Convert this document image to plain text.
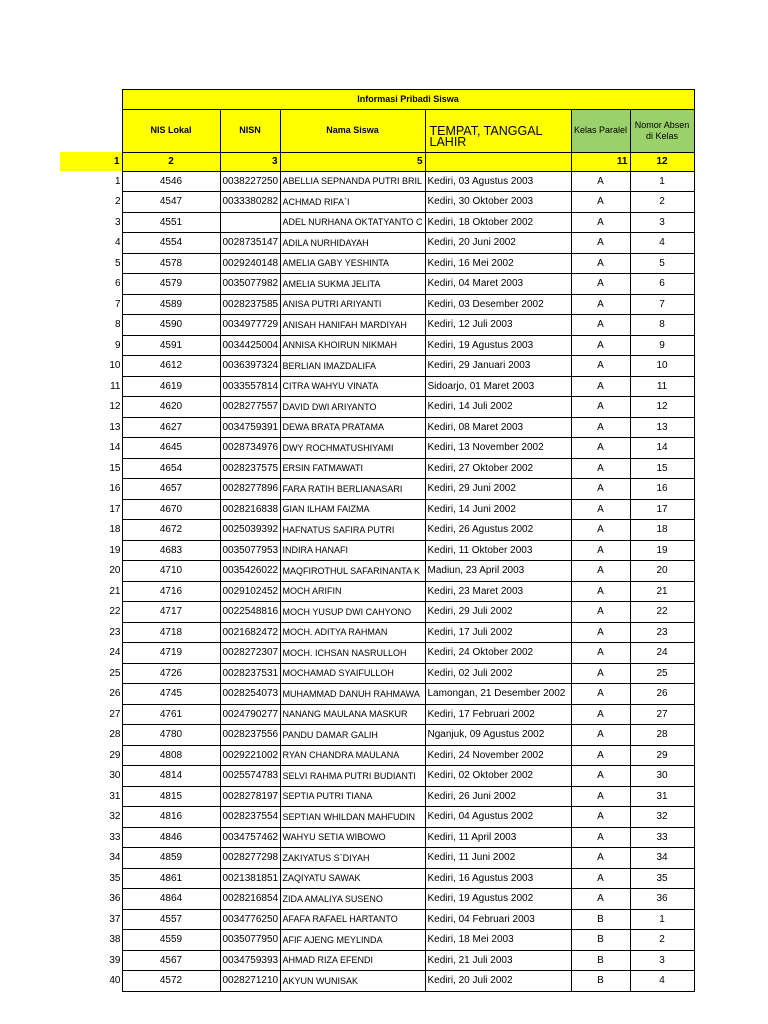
	Informasi Pribadi Siswa					
	NIS Lokal	NISN	Nama Siswa	TEMPAT, TANGGAL LAHIR	Kelas Paralel	Nomor Absen di Kelas
1	2	3	5		11	12
1	4546	0038227250	ABELLIA SEPNANDA PUTRI BRIL	Kediri, 03 Agustus 2003	A	1
2	4547	0033380282	ACHMAD RIFA`I	Kediri, 30 Oktober 2003	A	2
3	4551		ADEL NURHANA OKTATYANTO C	Kediri, 18 Oktober 2002	A	3
4	4554	0028735147	ADILA NURHIDAYAH	Kediri, 20 Juni 2002	A	4
5	4578	0029240148	AMELIA GABY YESHINTA	Kediri, 16 Mei 2002	A	5
6	4579	0035077982	AMELIA SUKMA JELITA	Kediri, 04 Maret 2003	A	6
7	4589	0028237585	ANISA PUTRI ARIYANTI	Kediri, 03 Desember 2002	A	7
8	4590	0034977729	ANISAH HANIFAH MARDIYAH	Kediri, 12 Juli 2003	A	8
9	4591	0034425004	ANNISA KHOIRUN NIKMAH	Kediri, 19 Agustus 2003	A	9
10	4612	0036397324	BERLIAN IMAZDALIFA	Kediri, 29 Januari 2003	A	10
11	4619	0033557814	CITRA WAHYU VINATA	Sidoarjo, 01 Maret 2003	A	11
12	4620	0028277557	DAVID DWI ARIYANTO	Kediri, 14 Juli 2002	A	12
13	4627	0034759391	DEWA BRATA PRATAMA	Kediri, 08 Maret 2003	A	13
14	4645	0028734976	DWY ROCHMATUSHIYAMI	Kediri, 13 November 2002	A	14
15	4654	0028237575	ERSIN FATMAWATI	Kediri, 27 Oktober 2002	A	15
16	4657	0028277896	FARA RATIH BERLIANASARI	Kediri, 29 Juni 2002	A	16
17	4670	0028216838	GIAN ILHAM FAIZMA	Kediri, 14 Juni 2002	A	17
18	4672	0025039392	HAFNATUS SAFIRA PUTRI	Kediri, 26 Agustus 2002	A	18
19	4683	0035077953	INDIRA HANAFI	Kediri, 11 Oktober 2003	A	19
20	4710	0035426022	MAQFIROTHUL SAFARINANTA K	Madiun, 23 April 2003	A	20
21	4716	0029102452	MOCH ARIFIN	Kediri, 23 Maret 2003	A	21
22	4717	0022548816	MOCH YUSUP DWI CAHYONO	Kediri, 29 Juli 2002	A	22
23	4718	0021682472	MOCH. ADITYA RAHMAN	Kediri, 17 Juli 2002	A	23
24	4719	0028272307	MOCH. ICHSAN NASRULLOH	Kediri, 24 Oktober 2002	A	24
25	4726	0028237531	MOCHAMAD SYAIFULLOH	Kediri, 02 Juli 2002	A	25
26	4745	0028254073	MUHAMMAD DANUH RAHMAWA	Lamongan, 21 Desember 2002	A	26
27	4761	0024790277	NANANG MAULANA MASKUR	Kediri, 17 Februari 2002	A	27
28	4780	0028237556	PANDU DAMAR GALIH	Nganjuk, 09 Agustus 2002	A	28
29	4808	0029221002	RYAN CHANDRA MAULANA	Kediri, 24 November 2002	A	29
30	4814	0025574783	SELVI RAHMA PUTRI BUDIANTI	Kediri, 02 Oktober 2002	A	30
31	4815	0028278197	SEPTIA PUTRI TIANA	Kediri, 26 Juni 2002	A	31
32	4816	0028237554	SEPTIAN WHILDAN MAHFUDIN	Kediri, 04 Agustus 2002	A	32
33	4846	0034757462	WAHYU SETIA WIBOWO	Kediri, 11 April 2003	A	33
34	4859	0028277298	ZAKIYATUS S`DIYAH	Kediri, 11 Juni 2002	A	34
35	4861	0021381851	ZAQIYATU SAWAK	Kediri, 16 Agustus 2003	A	35
36	4864	0028216854	ZIDA AMALIYA SUSENO	Kediri, 19 Agustus 2002	A	36
37	4557	0034776250	AFAFA RAFAEL HARTANTO	Kediri, 04 Februari 2003	B	1
38	4559	0035077950	AFIF AJENG MEYLINDA	Kediri, 18 Mei 2003	B	2
39	4567	0034759393	AHMAD RIZA EFENDI	Kediri, 21 Juli 2003	B	3
40	4572	0028271210	AKYUN WUNISAK	Kediri, 20 Juli 2002	B	4
